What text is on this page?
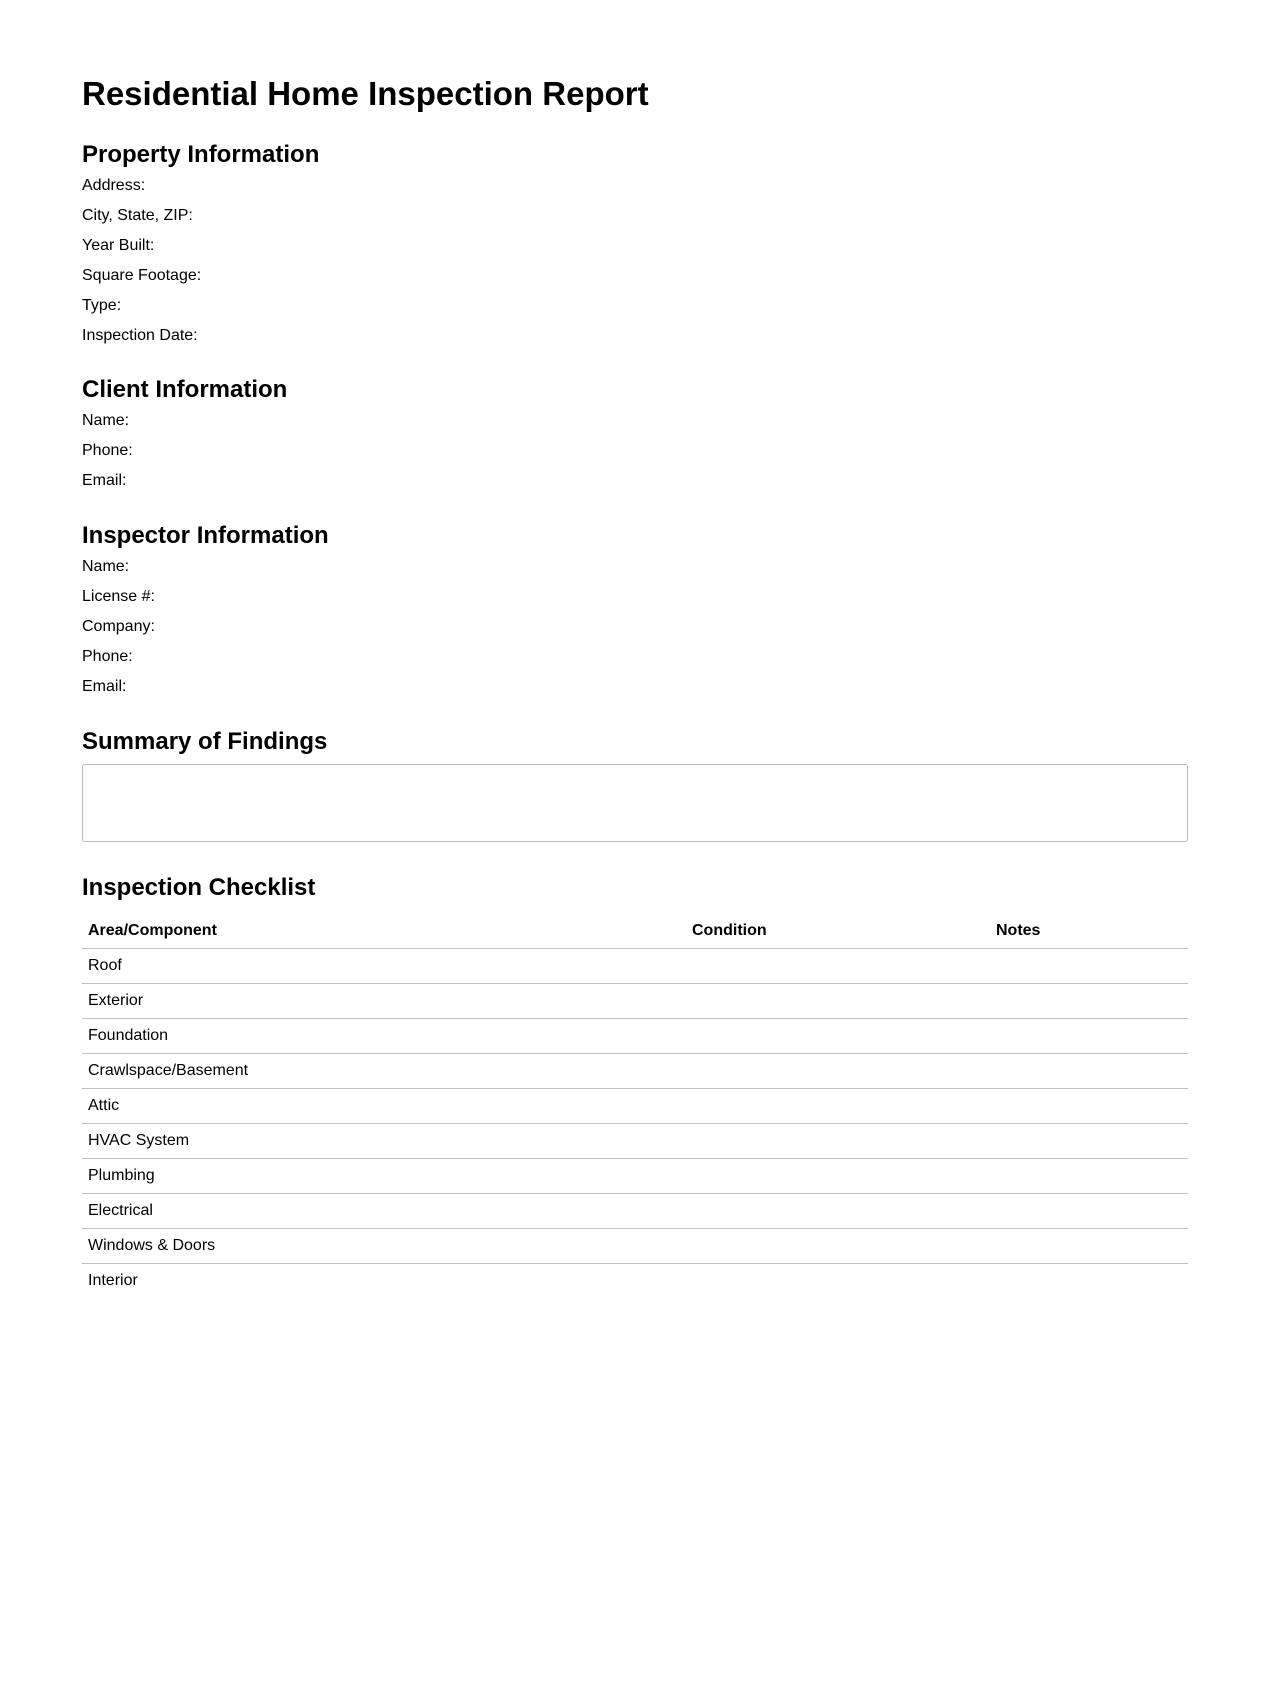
Residential Home Inspection Report
Property Information
Address:
City, State, ZIP:
Year Built:
Square Footage:
Type:
Inspection Date:
Client Information
Name:
Phone:
Email:
Inspector Information
Name:
License #:
Company:
Phone:
Email:
Summary of Findings
Inspection Checklist
Area/Component	Condition	Notes
Roof		
Exterior		
Foundation		
Crawlspace/Basement		
Attic		
HVAC System		
Plumbing		
Electrical		
Windows & Doors		
Interior		
